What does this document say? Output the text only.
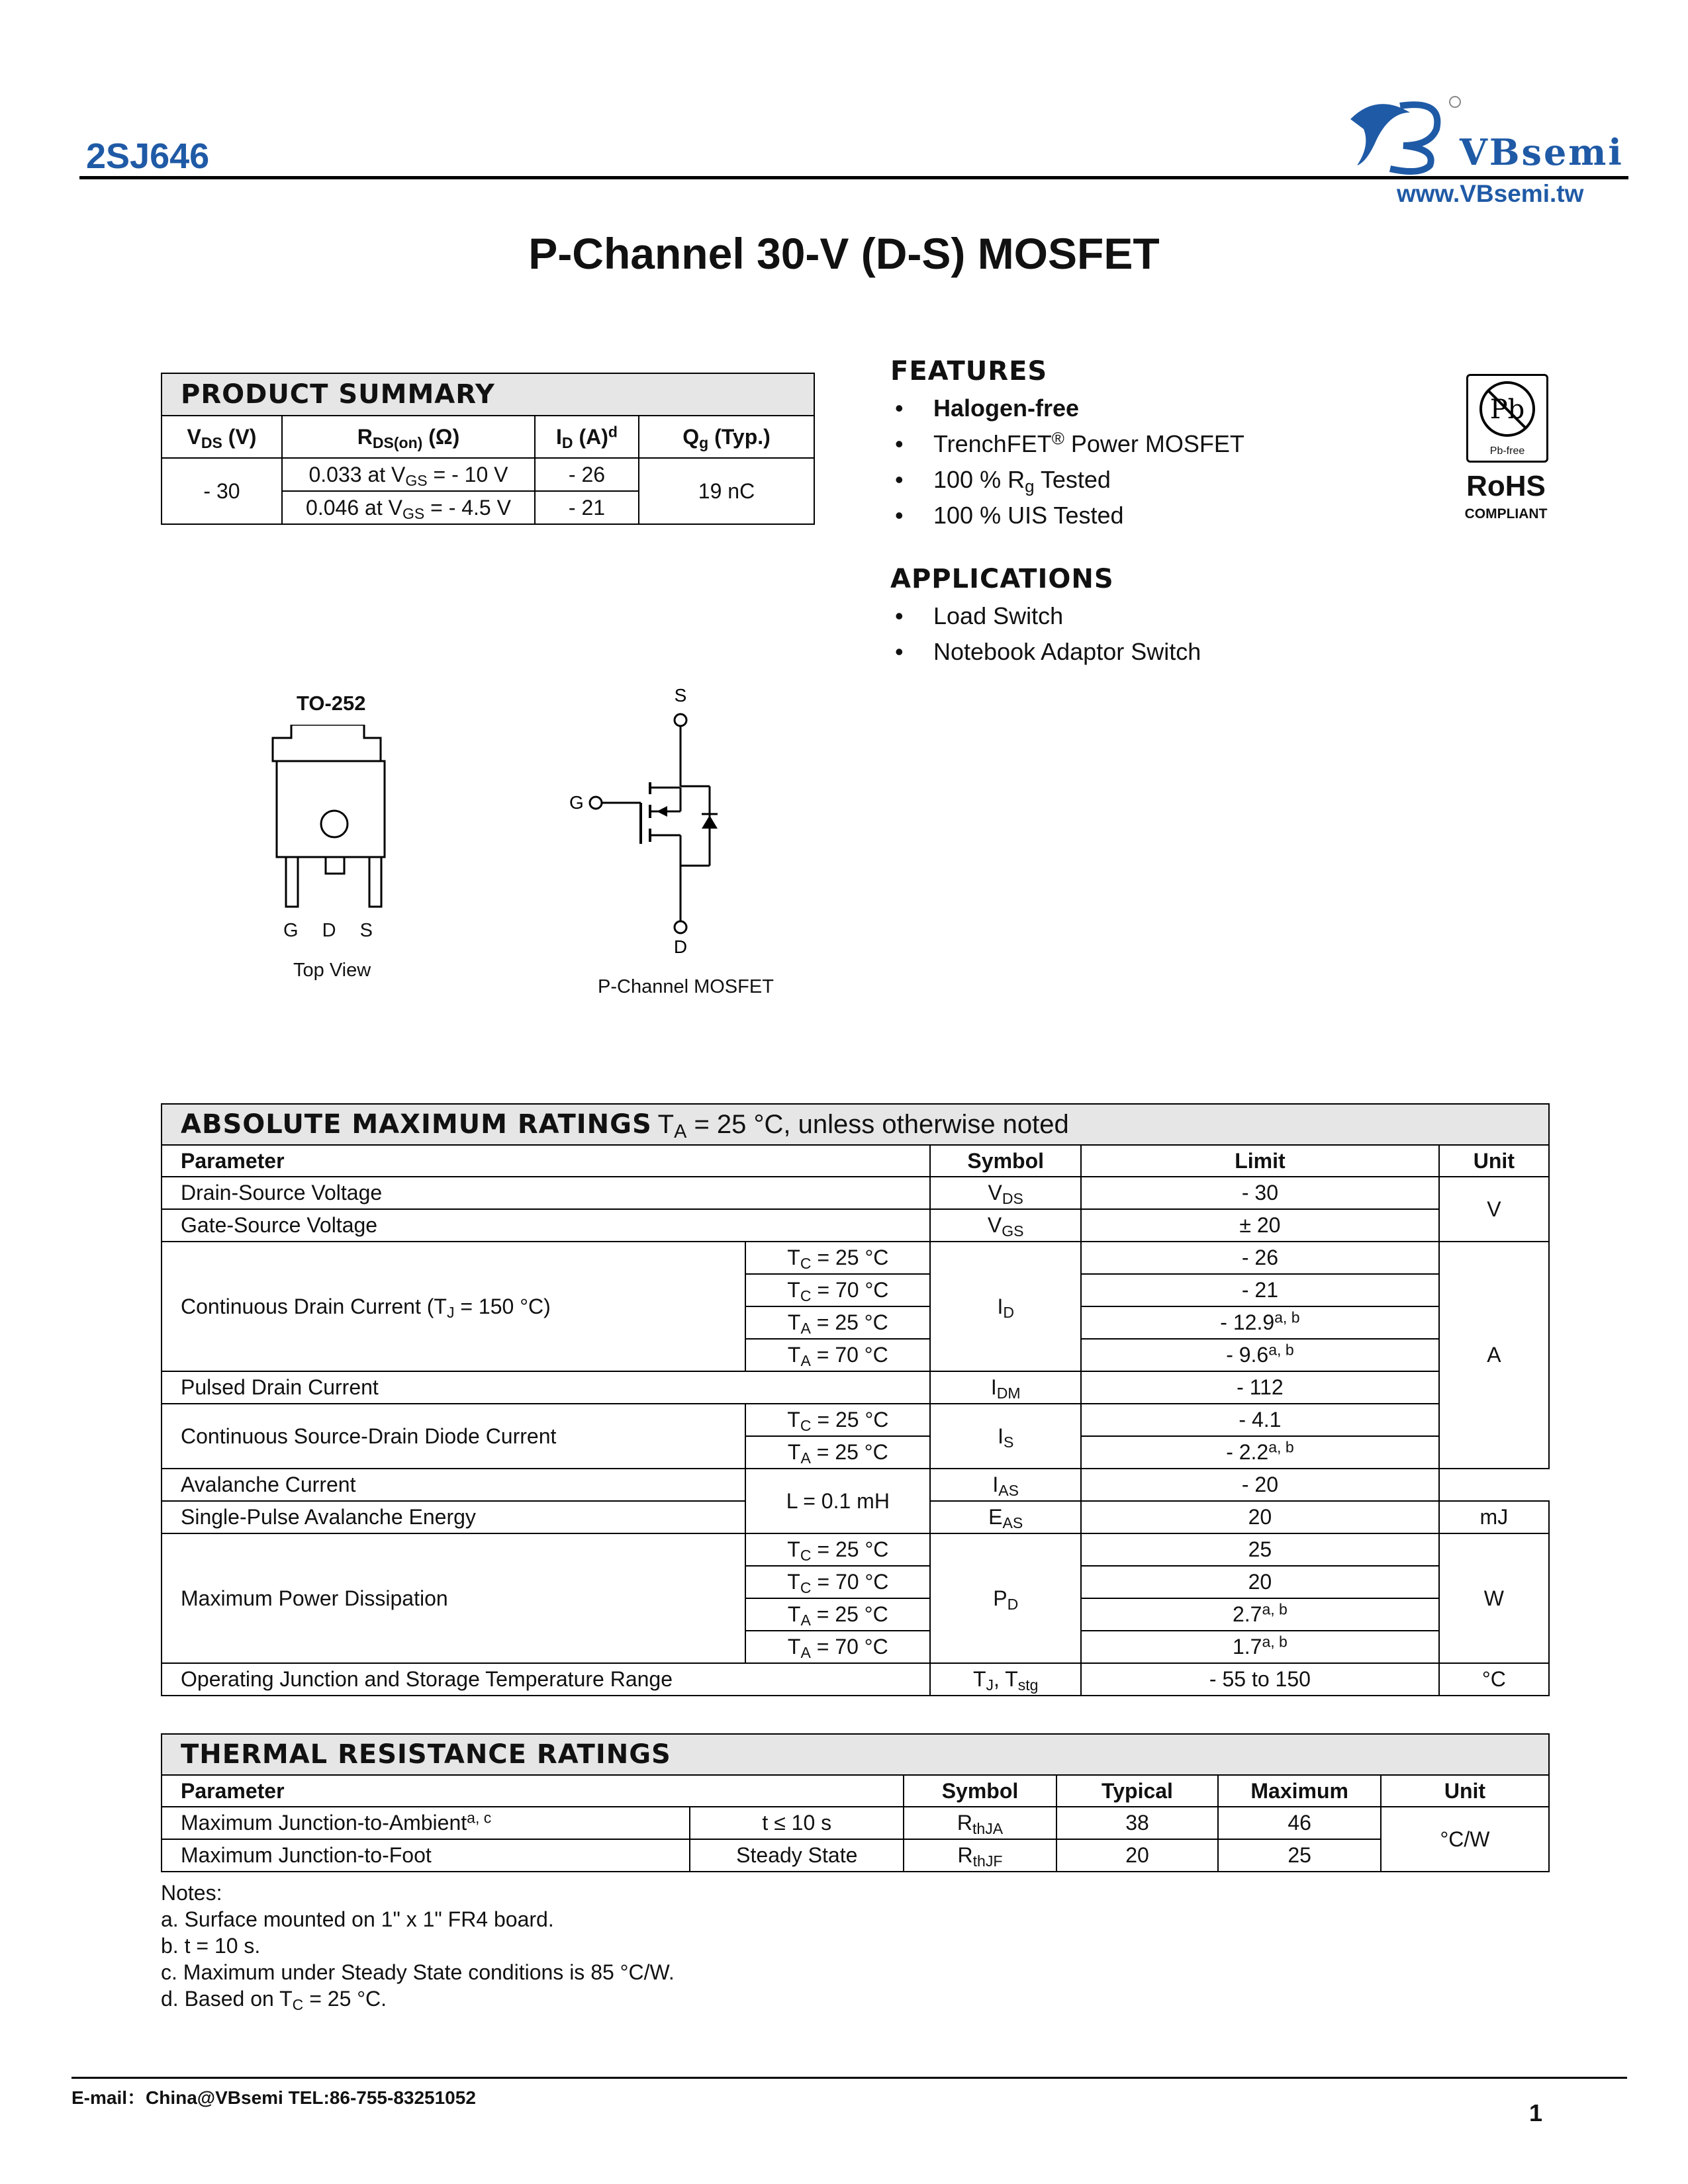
2SJ646	VBsemi
www.VBsemi.tw
P-Channel 30-V (D-S) MOSFET
PRODUCT SUMMARY			
$V_{DS}$ (V)	$R_{DS(on)}$ (Ω)	$I_D$ $(A)^d$	$Q_g$ (Typ.)
- 30	0.033 at $V_{GS}$ = - 10 V	- 26	19 nC
	0.046 at $V_{GS}$ = - 4.5 V	- 21	
FEATURES
• Halogen-free
• TrenchFET® Power MOSFET
• 100 % $R_g$ Tested
• 100 % UIS Tested
Pb
Pb-free
RoHS
COMPLIANT
APPLICATIONS
• Load Switch
• Notebook Adaptor Switch
TO-252
G D S
Top View
S
G
D
P-Channel MOSFET
ABSOLUTE MAXIMUM RATINGS $T_A = 25$ °C, unless otherwise noted				
Parameter		Symbol	Limit	Unit
Drain-Source Voltage		$V_{DS}$	- 30	V
Gate-Source Voltage		$V_{GS}$	± 20	
Continuous Drain Current ($T_J = 150$ °C)	$T_C = 25$ °C	$I_D$	- 26	A
	$T_C = 70$ °C		- 21	
	$T_A = 25$ °C		- 12.9$^{a, b}$
	$T_A = 70$ °C		- 9.6$^{a, b}$
Pulsed Drain Current		$I_{DM}$	- 112	
Continuous Source-Drain Diode Current	$T_C = 25$ °C	$I_S$	- 4.1	
	$T_A = 25$ °C		- 2.2$^{a, b}$
Avalanche Current	L = 0.1 mH	$I_{AS}$	- 20	
Single-Pulse Avalanche Energy		$E_{AS}$	20	mJ
Maximum Power Dissipation	$T_C = 25$ °C	$P_D$	25	W
	$T_C = 70$ °C		20	
	$T_A = 25$ °C		2.7$^{a, b}$
	$T_A = 70$ °C		1.7$^{a, b}$
Operating Junction and Storage Temperature Range		$T_J$, $T_{stg}$	- 55 to 150	°C
THERMAL RESISTANCE RATINGS					
Parameter		Symbol	Typical	Maximum	Unit
Maximum Junction-to-Ambient$^{a, c}$	t ≤ 10 s	$R_{thJA}$	38	46	°C/W
Maximum Junction-to-Foot	Steady State	$R_{thJF}$	20	25	
Notes:
a. Surface mounted on 1" x 1" FR4 board.
b. t = 10 s.
c. Maximum under Steady State conditions is 85 °C/W.
d. Based on $T_C = 25$ °C.
E-mail：China@VBsemi TEL:86-755-83251052
1
